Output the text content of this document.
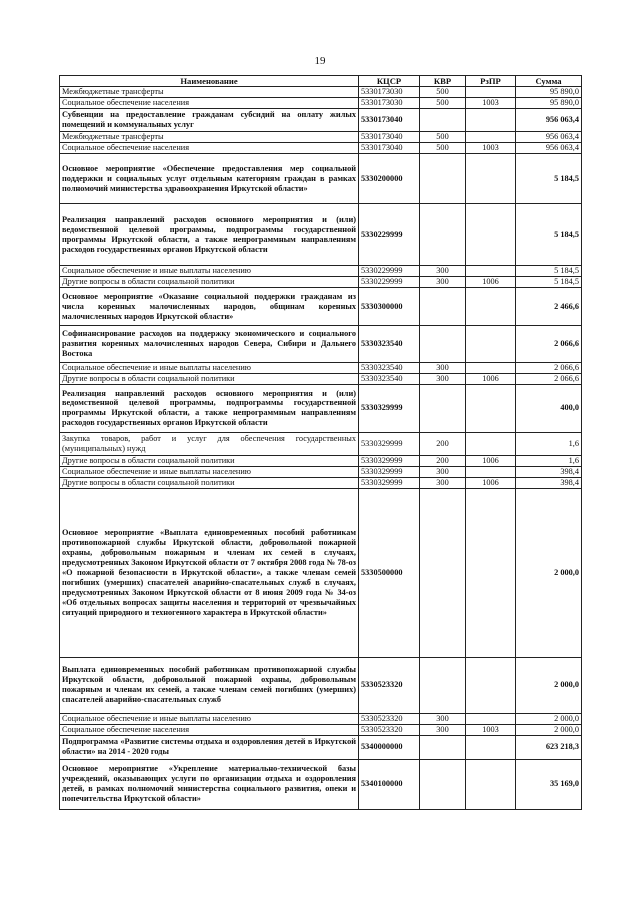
19
Наименование	КЦСР	КВР	РзПР	Сумма
Межбюджетные трансферты	5330173030	500		95 890,0
Социальное обеспечение населения	5330173030	500	1003	95 890,0
Субвенции на предоставление гражданам субсидий на оплату жилых помещений и коммунальных услуг	5330173040			956 063,4
Межбюджетные трансферты	5330173040	500		956 063,4
Социальное обеспечение населения	5330173040	500	1003	956 063,4
Основное мероприятие «Обеспечение предоставления мер социальной поддержки и социальных услуг отдельным категориям граждан в рамках полномочий министерства здравоохранения Иркутской области»	5330200000			5 184,5
Реализация направлений расходов основного мероприятия и (или) ведомственной целевой программы, подпрограммы государственной программы Иркутской области, а также непрограммным направлениям расходов государственных органов Иркутской области	5330229999			5 184,5
Социальное обеспечение и иные выплаты населению	5330229999	300		5 184,5
Другие вопросы в области социальной политики	5330229999	300	1006	5 184,5
Основное мероприятие «Оказание социальной поддержки гражданам из числа коренных малочисленных народов, общинам коренных малочисленных народов Иркутской области»	5330300000			2 466,6
Софинансирование расходов на поддержку экономического и социального развития коренных малочисленных народов Севера, Сибири и Дальнего Востока	5330323540			2 066,6
Социальное обеспечение и иные выплаты населению	5330323540	300		2 066,6
Другие вопросы в области социальной политики	5330323540	300	1006	2 066,6
Реализация направлений расходов основного мероприятия и (или) ведомственной целевой программы, подпрограммы государственной программы Иркутской области, а также непрограммным направлениям расходов государственных органов Иркутской области	5330329999			400,0
Закупка товаров, работ и услуг для обеспечения государственных (муниципальных) нужд	5330329999	200		1,6
Другие вопросы в области социальной политики	5330329999	200	1006	1,6
Социальное обеспечение и иные выплаты населению	5330329999	300		398,4
Другие вопросы в области социальной политики	5330329999	300	1006	398,4
Основное мероприятие «Выплата единовременных пособий работникам противопожарной службы Иркутской области, добровольной пожарной охраны, добровольным пожарным и членам их семей в случаях, предусмотренных Законом Иркутской области от 7 октября 2008 года № 78-оз «О пожарной безопасности в Иркутской области», а также членам семей погибших (умерших) спасателей аварийно-спасательных служб в случаях, предусмотренных Законом Иркутской области от 8 июня 2009 года № 34-оз «Об отдельных вопросах защиты населения и территорий от чрезвычайных ситуаций природного и техногенного характера в Иркутской области»	5330500000			2 000,0
Выплата единовременных пособий работникам противопожарной службы Иркутской области, добровольной пожарной охраны, добровольным пожарным и членам их семей, а также членам семей погибших (умерших) спасателей аварийно-спасательных служб	5330523320			2 000,0
Социальное обеспечение и иные выплаты населению	5330523320	300		2 000,0
Социальное обеспечение населения	5330523320	300	1003	2 000,0
Подпрограмма «Развитие системы отдыха и оздоровления детей в Иркутской области» на 2014 - 2020 годы	5340000000			623 218,3
Основное мероприятие «Укрепление материально-технической базы учреждений, оказывающих услуги по организации отдыха и оздоровления детей, в рамках полномочий министерства социального развития, опеки и попечительства Иркутской области»	5340100000			35 169,0
